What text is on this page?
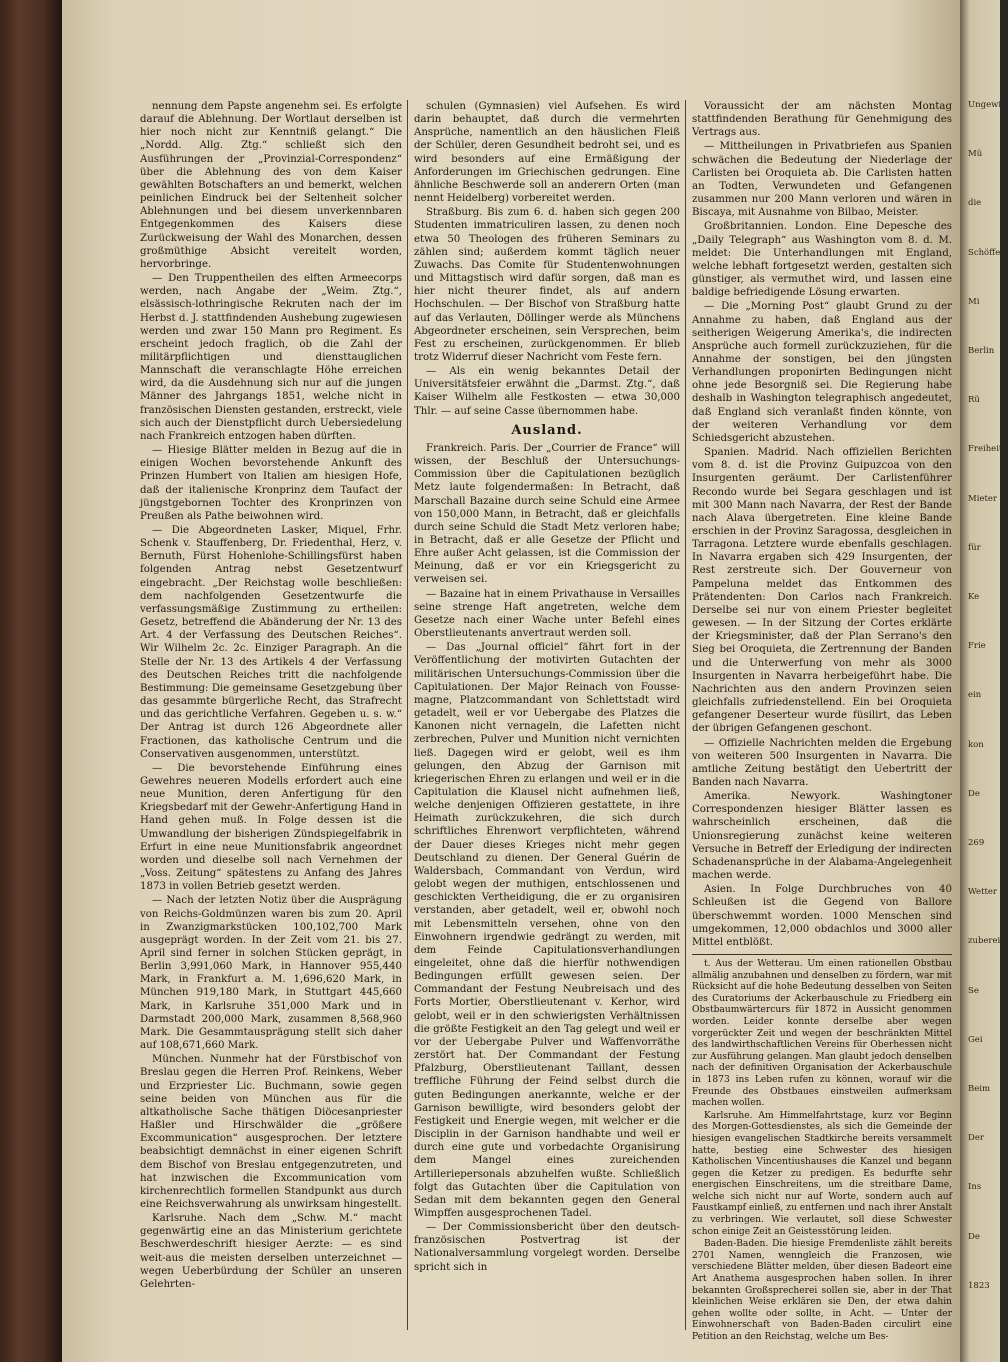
nennung dem Papste angenehm sei. Es erfolgte darauf die Ablehnung. Der Wortlaut derselben ist hier noch nicht zur Kenntniß gelangt.“ Die „Nordd. Allg. Ztg.“ schließt sich den Ausführungen der „Provinzial-Correspondenz“ über die Ablehnung des von dem Kaiser gewählten Botschafters an und bemerkt, welchen peinlichen Eindruck bei der Seltenheit solcher Ablehnungen und bei diesem unverkennbaren Entgegenkommen des Kaisers diese Zurückweisung der Wahl des Monarchen, dessen großmüthige Absicht vereitelt worden, hervorbringe.

— Den Truppentheilen des elften Armeecorps werden, nach Angabe der „Weim. Ztg.“, elsässisch-lothringische Rekruten nach der im Herbst d. J. stattfindenden Aushebung zugewiesen werden und zwar 150 Mann pro Regiment. Es erscheint jedoch fraglich, ob die Zahl der militärpflichtigen und diensttauglichen Mannschaft die veranschlagte Höhe erreichen wird, da die Ausdehnung sich nur auf die jungen Männer des Jahrgangs 1851, welche nicht in französischen Diensten gestanden, erstreckt, viele sich auch der Dienstpflicht durch Uebersiedelung nach Frankreich entzogen haben dürften.

— Hiesige Blätter melden in Bezug auf die in einigen Wochen bevorstehende Ankunft des Prinzen Humbert von Italien am hiesigen Hofe, daß der italienische Kronprinz dem Taufact der jüngstgebornen Tochter des Kronprinzen von Preußen als Pathe beiwohnen wird.

— Die Abgeordneten Lasker, Miquel, Frhr. Schenk v. Stauffenberg, Dr. Friedenthal, Herz, v. Bernuth, Fürst Hohenlohe-Schillingsfürst haben folgenden Antrag nebst Gesetzentwurf eingebracht. „Der Reichstag wolle beschließen: dem nachfolgenden Gesetzentwurfe die verfassungsmäßige Zustimmung zu ertheilen: Gesetz, betreffend die Abänderung der Nr. 13 des Art. 4 der Verfassung des Deutschen Reiches“. Wir Wilhelm 2c. 2c. Einziger Paragraph. An die Stelle der Nr. 13 des Artikels 4 der Verfassung des Deutschen Reiches tritt die nachfolgende Bestimmung: Die gemeinsame Gesetzgebung über das gesammte bürgerliche Recht, das Strafrecht und das gerichtliche Verfahren. Gegeben u. s. w.“ Der Antrag ist durch 126 Abgeordnete aller Fractionen, das katholische Centrum und die Conservativen ausgenommen, unterstützt.

— Die bevorstehende Einführung eines Gewehres neueren Modells erfordert auch eine neue Munition, deren Anfertigung für den Kriegsbedarf mit der Gewehr-Anfertigung Hand in Hand gehen muß. In Folge dessen ist die Umwandlung der bisherigen Zündspiegelfabrik in Erfurt in eine neue Munitionsfabrik angeordnet worden und dieselbe soll nach Vernehmen der „Voss. Zeitung“ spätestens zu Anfang des Jahres 1873 in vollen Betrieb gesetzt werden.

— Nach der letzten Notiz über die Ausprägung von Reichs-Goldmünzen waren bis zum 20. April in Zwanzigmarkstücken 100,102,700 Mark ausgeprägt worden. In der Zeit vom 21. bis 27. April sind ferner in solchen Stücken geprägt, in Berlin 3,991,060 Mark, in Hannover 955,440 Mark, in Frankfurt a. M. 1,696,620 Mark, in München 919,180 Mark, in Stuttgart 445,660 Mark, in Karlsruhe 351,000 Mark und in Darmstadt 200,000 Mark, zusammen 8,568,960 Mark. Die Gesammtausprägung stellt sich daher auf 108,671,660 Mark.

München. Nunmehr hat der Fürstbischof von Breslau gegen die Herren Prof. Reinkens, Weber und Erzpriester Lic. Buchmann, sowie gegen seine beiden von München aus für die altkatholische Sache thätigen Diöcesanpriester Haßler und Hirschwälder die „größere Excommunication“ ausgesprochen. Der letztere beabsichtigt demnächst in einer eigenen Schrift dem Bischof von Breslau entgegenzutreten, und hat inzwischen die Excommunication vom kirchenrechtlich formellen Standpunkt aus durch eine Reichsverwahrung als unwirksam hingestellt.

Karlsruhe. Nach dem „Schw. M.“ macht gegenwärtig eine an das Ministerium gerichtete Beschwerdeschrift hiesiger Aerzte: — es sind weit-aus die meisten derselben unterzeichnet — wegen Ueberbürdung der Schüler an unseren Gelehrten-

schulen (Gymnasien) viel Aufsehen. Es wird darin behauptet, daß durch die vermehrten Ansprüche, namentlich an den häuslichen Fleiß der Schüler, deren Gesundheit bedroht sei, und es wird besonders auf eine Ermäßigung der Anforderungen im Griechischen gedrungen. Eine ähnliche Beschwerde soll an anderern Orten (man nennt Heidelberg) vorbereitet werden.

Straßburg. Bis zum 6. d. haben sich gegen 200 Studenten immatriculiren lassen, zu denen noch etwa 50 Theologen des früheren Seminars zu zählen sind; außerdem kommt täglich neuer Zuwachs. Das Comite für Studentenwohnungen und Mittagstisch wird dafür sorgen, daß man es hier nicht theurer findet, als auf andern Hochschulen. — Der Bischof von Straßburg hatte auf das Verlauten, Döllinger werde als Münchens Abgeordneter erscheinen, sein Versprechen, beim Fest zu erscheinen, zurückgenommen. Er blieb trotz Widerruf dieser Nachricht vom Feste fern.

— Als ein wenig bekanntes Detail der Universitätsfeier erwähnt die „Darmst. Ztg.“, daß Kaiser Wilhelm alle Festkosten — etwa 30,000 Thlr. — auf seine Casse übernommen habe.

Ausland.

Frankreich. Paris. Der „Courrier de France“ will wissen, der Beschluß der Untersuchungs-Commission über die Capitulationen bezüglich Metz laute folgendermaßen: In Betracht, daß Marschall Bazaine durch seine Schuld eine Armee von 150,000 Mann, in Betracht, daß er gleichfalls durch seine Schuld die Stadt Metz verloren habe; in Betracht, daß er alle Gesetze der Pflicht und Ehre außer Acht gelassen, ist die Commission der Meinung, daß er vor ein Kriegsgericht zu verweisen sei.

— Bazaine hat in einem Privathause in Versailles seine strenge Haft angetreten, welche dem Gesetze nach einer Wache unter Befehl eines Oberstlieutenants anvertraut werden soll.

— Das „Journal officiel“ fährt fort in der Veröffentlichung der motivirten Gutachten der militärischen Untersuchungs-Commission über die Capitulationen. Der Major Reinach von Fousse-magne, Platzcommandant von Schlettstadt wird getadelt, weil er vor Uebergabe des Platzes die Kanonen nicht vernageln, die Lafetten nicht zerbrechen, Pulver und Munition nicht vernichten ließ. Dagegen wird er gelobt, weil es ihm gelungen, den Abzug der Garnison mit kriegerischen Ehren zu erlangen und weil er in die Capitulation die Klausel nicht aufnehmen ließ, welche denjenigen Offizieren gestattete, in ihre Heimath zurückzukehren, die sich durch schriftliches Ehrenwort verpflichteten, während der Dauer dieses Krieges nicht mehr gegen Deutschland zu dienen. Der General Guérin de Waldersbach, Commandant von Verdun, wird gelobt wegen der muthigen, entschlossenen und geschickten Vertheidigung, die er zu organisiren verstanden, aber getadelt, weil er, obwohl noch mit Lebensmitteln versehen, ohne von den Einwohnern irgendwie gedrängt zu werden, mit dem Feinde Capitulationsverhandlungen eingeleitet, ohne daß die hierfür nothwendigen Bedingungen erfüllt gewesen seien. Der Commandant der Festung Neubreisach und des Forts Mortier, Oberstlieutenant v. Kerhor, wird gelobt, weil er in den schwierigsten Verhältnissen die größte Festigkeit an den Tag gelegt und weil er vor der Uebergabe Pulver und Waffenvorräthe zerstört hat. Der Commandant der Festung Pfalzburg, Oberstlieutenant Taillant, dessen treffliche Führung der Feind selbst durch die guten Bedingungen anerkannte, welche er der Garnison bewilligte, wird besonders gelobt der Festigkeit und Energie wegen, mit welcher er die Disciplin in der Garnison handhabte und weil er durch eine gute und vorbedachte Organisirung dem Mangel eines zureichenden Artilleriepersonals abzuhelfen wußte. Schließlich folgt das Gutachten über die Capitulation von Sedan mit dem bekannten gegen den General Wimpffen ausgesprochenen Tadel.

— Der Commissionsbericht über den deutsch-französischen Postvertrag ist der Nationalversammlung vorgelegt worden. Derselbe spricht sich in

Voraussicht der am nächsten Montag stattfindenden Berathung für Genehmigung des Vertrags aus.

— Mittheilungen in Privatbriefen aus Spanien schwächen die Bedeutung der Niederlage der Carlisten bei Oroquieta ab. Die Carlisten hatten an Todten, Verwundeten und Gefangenen zusammen nur 200 Mann verloren und wären in Biscaya, mit Ausnahme von Bilbao, Meister.

Großbritannien. London. Eine Depesche des „Daily Telegraph“ aus Washington vom 8. d. M. meldet: Die Unterhandlungen mit England, welche lebhaft fortgesetzt werden, gestalten sich günstiger, als vermuthet wird, und lassen eine baldige befriedigende Lösung erwarten.

— Die „Morning Post“ glaubt Grund zu der Annahme zu haben, daß England aus der seitherigen Weigerung Amerika's, die indirecten Ansprüche auch formell zurückzuziehen, für die Annahme der sonstigen, bei den jüngsten Verhandlungen proponirten Bedingungen nicht ohne jede Besorgniß sei. Die Regierung habe deshalb in Washington telegraphisch angedeutet, daß England sich veranlaßt finden könnte, von der weiteren Verhandlung vor dem Schiedsgericht abzustehen.

Spanien. Madrid. Nach offiziellen Berichten vom 8. d. ist die Provinz Guipuzcoa von den Insurgenten geräumt. Der Carlistenführer Recondo wurde bei Segara geschlagen und ist mit 300 Mann nach Navarra, der Rest der Bande nach Alava übergetreten. Eine kleine Bande erschien in der Provinz Saragossa, desgleichen in Tarragona. Letztere wurde ebenfalls geschlagen. In Navarra ergaben sich 429 Insurgenten, der Rest zerstreute sich. Der Gouverneur von Pampeluna meldet das Entkommen des Prätendenten: Don Carlos nach Frankreich. Derselbe sei nur von einem Priester begleitet gewesen. — In der Sitzung der Cortes erklärte der Kriegsminister, daß der Plan Serrano's den Sieg bei Oroquieta, die Zertrennung der Banden und die Unterwerfung von mehr als 3000 Insurgenten in Navarra herbeigeführt habe. Die Nachrichten aus den andern Provinzen seien gleichfalls zufriedenstellend. Ein bei Oroquieta gefangener Deserteur wurde füsilirt, das Leben der übrigen Gefangenen geschont.

— Offizielle Nachrichten melden die Ergebung von weiteren 500 Insurgenten in Navarra. Die amtliche Zeitung bestätigt den Uebertritt der Banden nach Navarra.

Amerika. Newyork. Washingtoner Correspondenzen hiesiger Blätter lassen es wahrscheinlich erscheinen, daß die Unionsregierung zunächst keine weiteren Versuche in Betreff der Erledigung der indirecten Schadenansprüche in der Alabama-Angelegenheit machen werde.

Asien. In Folge Durchbruches von 40 Schleußen ist die Gegend von Ballore überschwemmt worden. 1000 Menschen sind umgekommen, 12,000 obdachlos und 3000 aller Mittel entblößt.

t. Aus der Wetterau. Um einen rationellen Obstbau allmälig anzubahnen und denselben zu fördern, war mit Rücksicht auf die hohe Bedeutung desselben von Seiten des Curatoriums der Ackerbauschule zu Friedberg ein Obstbaumwärtercurs für 1872 in Aussicht genommen worden. Leider konnte derselbe aber wegen vorgerückter Zeit und wegen der beschränkten Mittel des landwirthschaftlichen Vereins für Oberhessen nicht zur Ausführung gelangen. Man glaubt jedoch denselben nach der definitiven Organisation der Ackerbauschule in 1873 ins Leben rufen zu können, worauf wir die Freunde des Obstbaues einstweilen aufmerksam machen wollen.

Karlsruhe. Am Himmelfahrtstage, kurz vor Beginn des Morgen-Gottesdienstes, als sich die Gemeinde der hiesigen evangelischen Stadtkirche bereits versammelt hatte, bestieg eine Schwester des hiesigen Katholischen Vincentiushauses die Kanzel und begann gegen die Ketzer zu predigen. Es bedurfte sehr energischen Einschreitens, um die streitbare Dame, welche sich nicht nur auf Worte, sondern auch auf Faustkampf einließ, zu entfernen und nach ihrer Anstalt zu verbringen. Wie verlautet, soll diese Schwester schon einige Zeit an Geistesstörung leiden.

Baden-Baden. Die hiesige Fremdenliste zählt bereits 2701 Namen, wenngleich die Franzosen, wie verschiedene Blätter melden, über diesen Badeort eine Art Anathema ausgesprochen haben sollen. In ihrer bekannten Großsprecherei sollen sie, aber in der That kleinlichen Weise erklären sie Den, der etwa dahin gehen wollte oder sollte, in Acht. — Unter der Einwohnerschaft von Baden-Baden circulirt eine Petition an den Reichstag, welche um Bes-

Ungewi
Mü
die
Schöffen
Mi
Berlin
Rü
Freiheit
Mieter
für
Ke
Frie
ein
kon
De
269
Wetter
zuberei
Se
Gei
Beim
Der
Ins
De
1823
